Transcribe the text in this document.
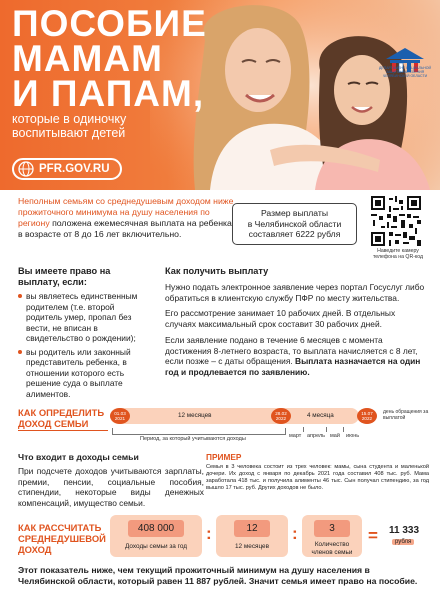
ПОСОБИЕ
МАМАМ
И ПАПАМ,
которые в одиночку
воспитывают детей
PFR.GOV.RU
ДЕПАРТАМЕНТ СОЦИАЛЬНОЙ ЗАЩИТЫ НАСЕЛЕНИЯ ЧЕЛЯБИНСКОЙ ОБЛАСТИ
Неполным семьям со среднедушевым доходом ниже прожиточного минимума на душу населения по региону положена ежемесячная выплата на ребенка в возрасте от 8 до 16 лет включительно.
Размер выплаты
в Челябинской области
составляет 6222 рубля
Наведите камеру телефона на QR-код
Вы имеете право на выплату, если:
вы являетесь единственным родителем (т.е. второй родитель умер, пропал без вести, не вписан в свидетельство о рождении);
вы родитель или законный представитель ребенка, в отношении которого есть решение суда о выплате алиментов.
Как получить выплату

Нужно подать электронное заявление через портал Госуслуг либо обратиться в клиентскую службу ПФР по месту жительства.

Его рассмотрение занимает 10 рабочих дней. В отдельных случаях максимальный срок составит 30 рабочих дней.

Если заявление подано в течение 6 месяцев с момента достижения 8-летнего возраста, то выплата начисляется с 8 лет, если позже – с даты обращения. Выплата назначается на один год и продлевается по заявлению.

КАК ОПРЕДЕЛИТЬ
ДОХОД СЕМЬИ
01.03 2021	12 месяцев	28.02 2022	4 месяца	15.07 2022
день обращения за выплатой
Период, за который учитываются доходы	март апрель май июнь
Что входит в доходы семьи

При подсчете доходов учитываются зарплаты, премии, пенсии, социальные пособия, стипендии, некоторые виды денежных компенсаций, имущество семьи.

ПРИМЕР

Семья в 3 человека состоит из трех человек: мамы, сына студента и маленькой дочери. Их доход с января по декабрь 2021 года составил 408 тыс. руб. Мама заработала 418 тыс. и получила алименты 46 тыс. Сын получал стипендию, за год вышло 17 тыс. руб. Других доходов не было.

КАК РАССЧИТАТЬ
СРЕДНЕДУШЕВОЙ
ДОХОД
408 000
Доходы семьи за год
:	12
12 месяцев
:	3
Количество членов семьи
= 11 333
рубля
Этот показатель ниже, чем текущий прожиточный минимум на душу населения в Челябинской области, который равен 11 887 рублей. Значит семья имеет право на пособие.
